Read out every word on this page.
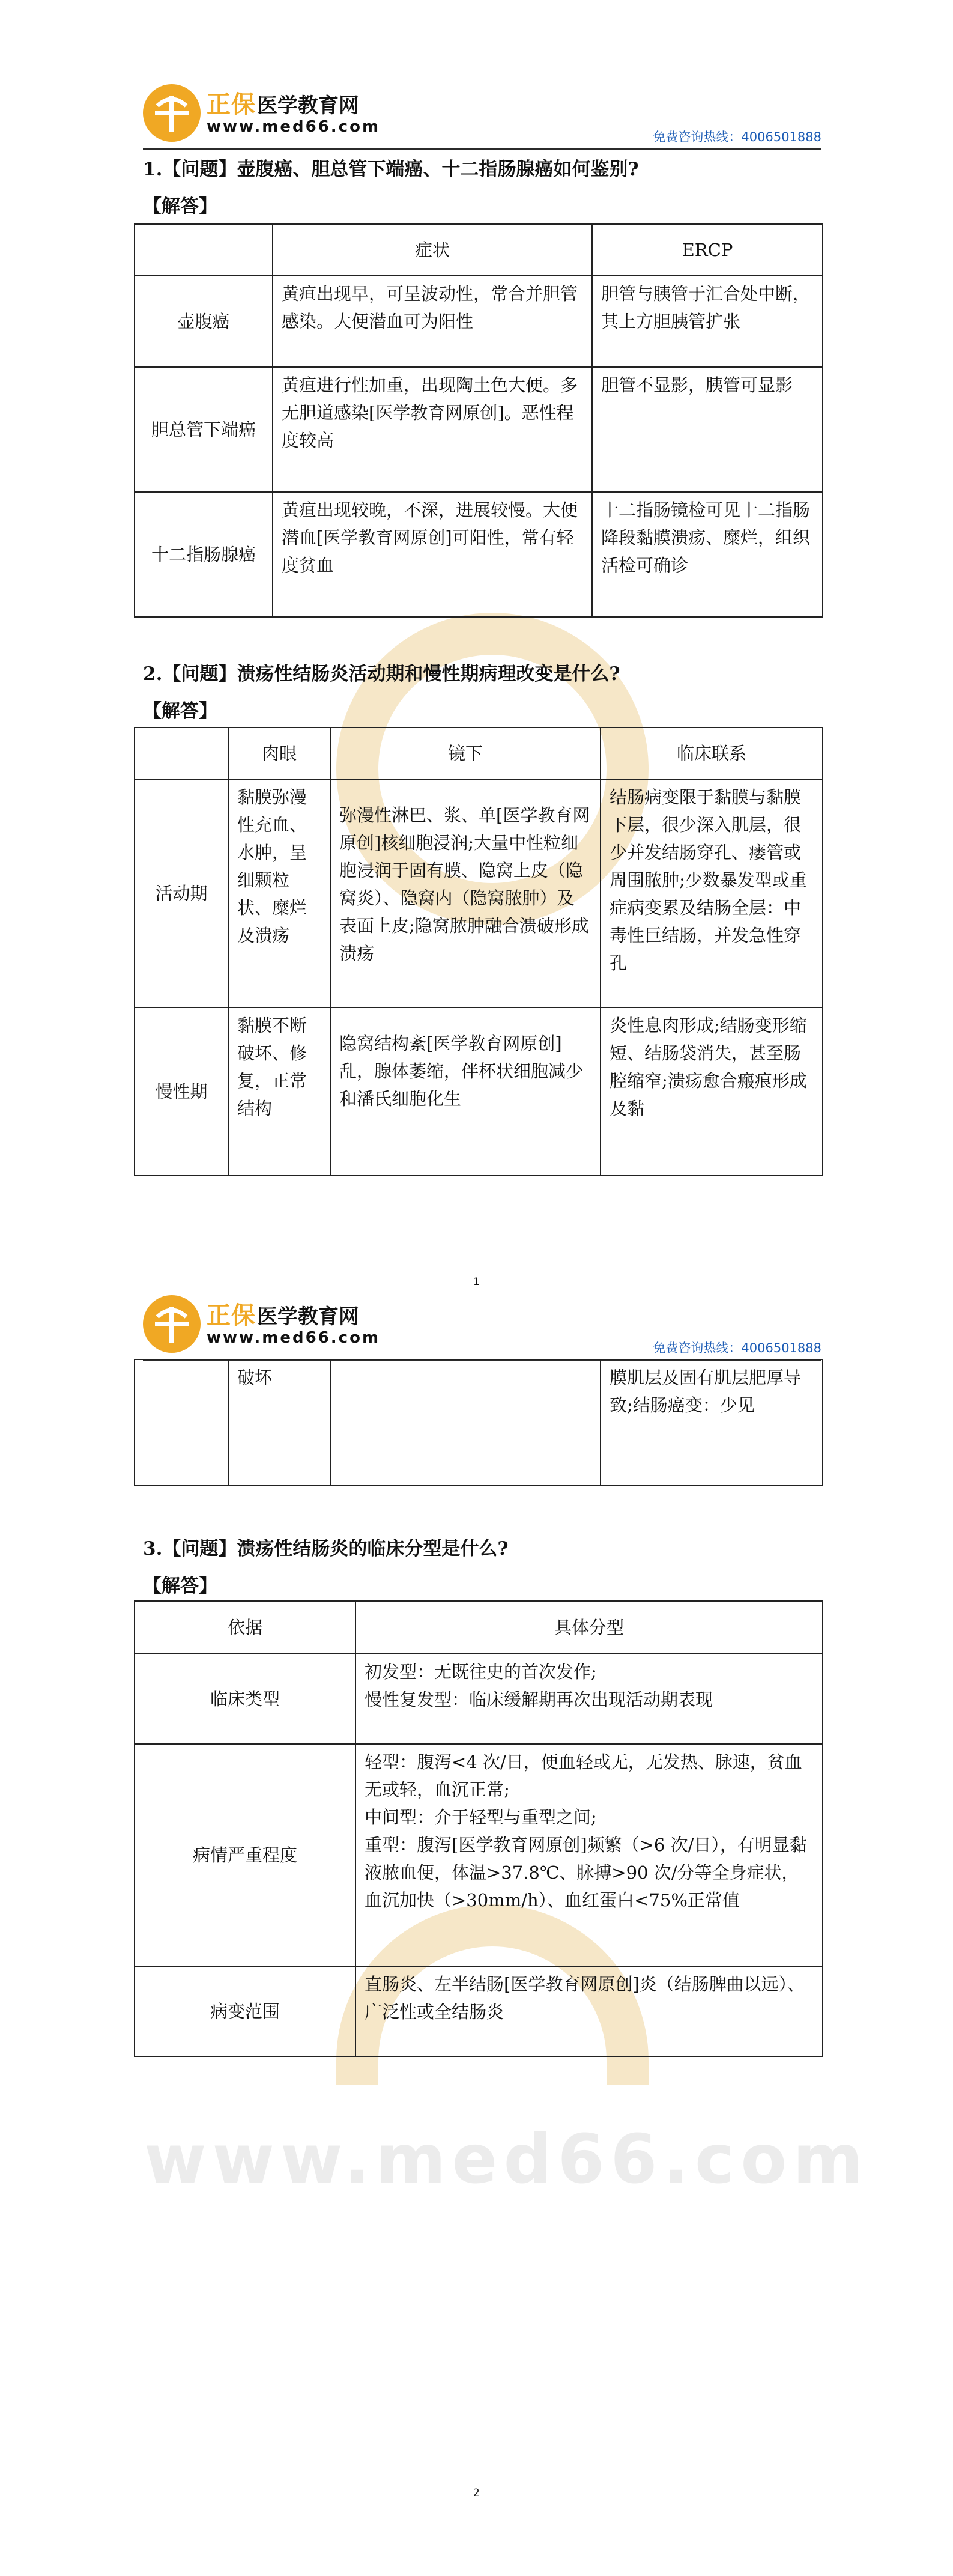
www.med66.com
正保 医学教育网
www.med66.com
免费咨询热线：4006501888
1.【问题】壶腹癌、胆总管下端癌、十二指肠腺癌如何鉴别?
【解答】
	症状	ERCP
壶腹癌	黄疸出现早，可呈波动性，常合并胆管感染。大便潜血可为阳性	胆管与胰管于汇合处中断，其上方胆胰管扩张
胆总管下端癌	黄疸进行性加重，出现陶土色大便。多无胆道感染[医学教育网原创]。恶性程度较高	胆管不显影，胰管可显影
十二指肠腺癌	黄疸出现较晚，不深，进展较慢。大便潜血[医学教育网原创]可阳性，常有轻度贫血	十二指肠镜检可见十二指肠降段黏膜溃疡、糜烂，组织活检可确诊
2.【问题】溃疡性结肠炎活动期和慢性期病理改变是什么?
【解答】
	肉眼	镜下	临床联系
活动期	黏膜弥漫性充血、水肿，呈细颗粒状、糜烂及溃疡	弥漫性淋巴、浆、单[医学教育网原创]核细胞浸润;大量中性粒细胞浸润于固有膜、隐窝上皮（隐窝炎）、隐窝内（隐窝脓肿）及表面上皮;隐窝脓肿融合溃破形成溃疡	结肠病变限于黏膜与黏膜下层，很少深入肌层，很少并发结肠穿孔、瘘管或周围脓肿;少数暴发型或重症病变累及结肠全层：中毒性巨结肠，并发急性穿孔
慢性期	黏膜不断破坏、修复，正常结构	隐窝结构紊[医学教育网原创]乱，腺体萎缩，伴杯状细胞减少和潘氏细胞化生	炎性息肉形成;结肠变形缩短、结肠袋消失，甚至肠腔缩窄;溃疡愈合瘢痕形成及黏
1
正保 医学教育网
www.med66.com
免费咨询热线：4006501888
	破坏		膜肌层及固有肌层肥厚导致;结肠癌变：少见
3.【问题】溃疡性结肠炎的临床分型是什么?
【解答】
依据	具体分型
临床类型	初发型：无既往史的首次发作;
慢性复发型：临床缓解期再次出现活动期表现

病情严重程度	轻型：腹泻<4 次/日，便血轻或无，无发热、脉速，贫血无或轻，血沉正常;
中间型：介于轻型与重型之间;
重型：腹泻[医学教育网原创]频繁（>6 次/日），有明显黏液脓血便，体温>37.8℃、脉搏>90 次/分等全身症状，血沉加快（>30mm/h）、血红蛋白<75%正常值

病变范围	直肠炎、左半结肠[医学教育网原创]炎（结肠脾曲以远）、广泛性或全结肠炎
2
